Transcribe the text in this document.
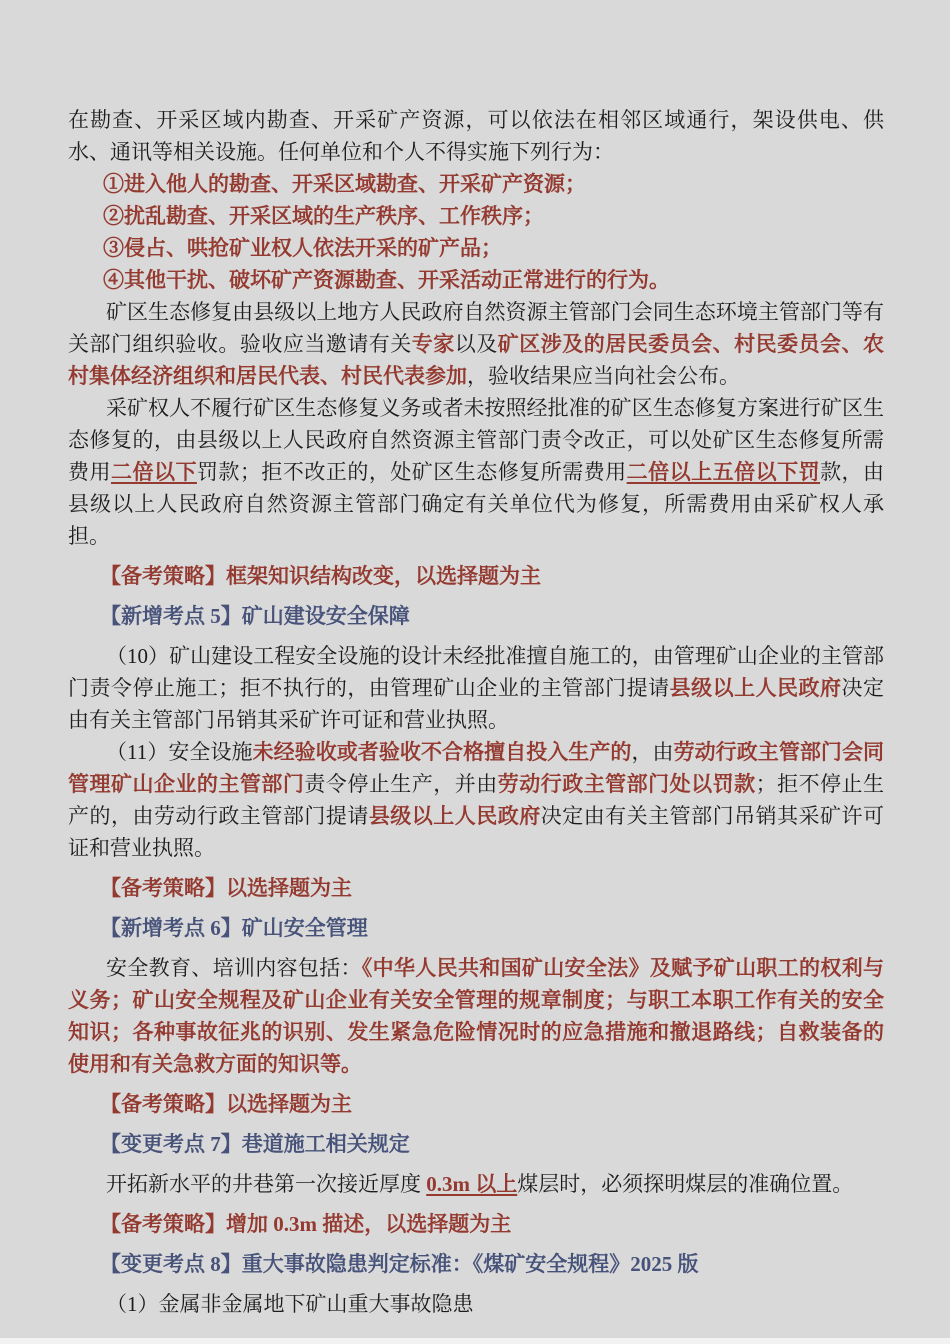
在勘查、开采区域内勘查、开采矿产资源，可以依法在相邻区域通行，架设供电、供水、通讯等相关设施。任何单位和个人不得实施下列行为：

①进入他人的勘查、开采区域勘查、开采矿产资源；

②扰乱勘查、开采区域的生产秩序、工作秩序；

③侵占、哄抢矿业权人依法开采的矿产品；

④其他干扰、破坏矿产资源勘查、开采活动正常进行的行为。

矿区生态修复由县级以上地方人民政府自然资源主管部门会同生态环境主管部门等有关部门组织验收。验收应当邀请有关专家以及矿区涉及的居民委员会、村民委员会、农村集体经济组织和居民代表、村民代表参加，验收结果应当向社会公布。

采矿权人不履行矿区生态修复义务或者未按照经批准的矿区生态修复方案进行矿区生态修复的，由县级以上人民政府自然资源主管部门责令改正，可以处矿区生态修复所需费用二倍以下罚款；拒不改正的，处矿区生态修复所需费用二倍以上五倍以下罚款，由县级以上人民政府自然资源主管部门确定有关单位代为修复，所需费用由采矿权人承担。

【备考策略】框架知识结构改变，以选择题为主

【新增考点 5】矿山建设安全保障

（10）矿山建设工程安全设施的设计未经批准擅自施工的，由管理矿山企业的主管部门责令停止施工；拒不执行的，由管理矿山企业的主管部门提请县级以上人民政府决定由有关主管部门吊销其采矿许可证和营业执照。

（11）安全设施未经验收或者验收不合格擅自投入生产的，由劳动行政主管部门会同管理矿山企业的主管部门责令停止生产，并由劳动行政主管部门处以罚款；拒不停止生产的，由劳动行政主管部门提请县级以上人民政府决定由有关主管部门吊销其采矿许可证和营业执照。

【备考策略】以选择题为主

【新增考点 6】矿山安全管理

安全教育、培训内容包括：《中华人民共和国矿山安全法》及赋予矿山职工的权利与义务；矿山安全规程及矿山企业有关安全管理的规章制度；与职工本职工作有关的安全知识；各种事故征兆的识别、发生紧急危险情况时的应急措施和撤退路线；自救装备的使用和有关急救方面的知识等。

【备考策略】以选择题为主

【变更考点 7】巷道施工相关规定

开拓新水平的井巷第一次接近厚度 0.3m 以上煤层时，必须探明煤层的准确位置。

【备考策略】增加 0.3m 描述，以选择题为主

【变更考点 8】重大事故隐患判定标准：《煤矿安全规程》2025 版

（1）金属非金属地下矿山重大事故隐患
